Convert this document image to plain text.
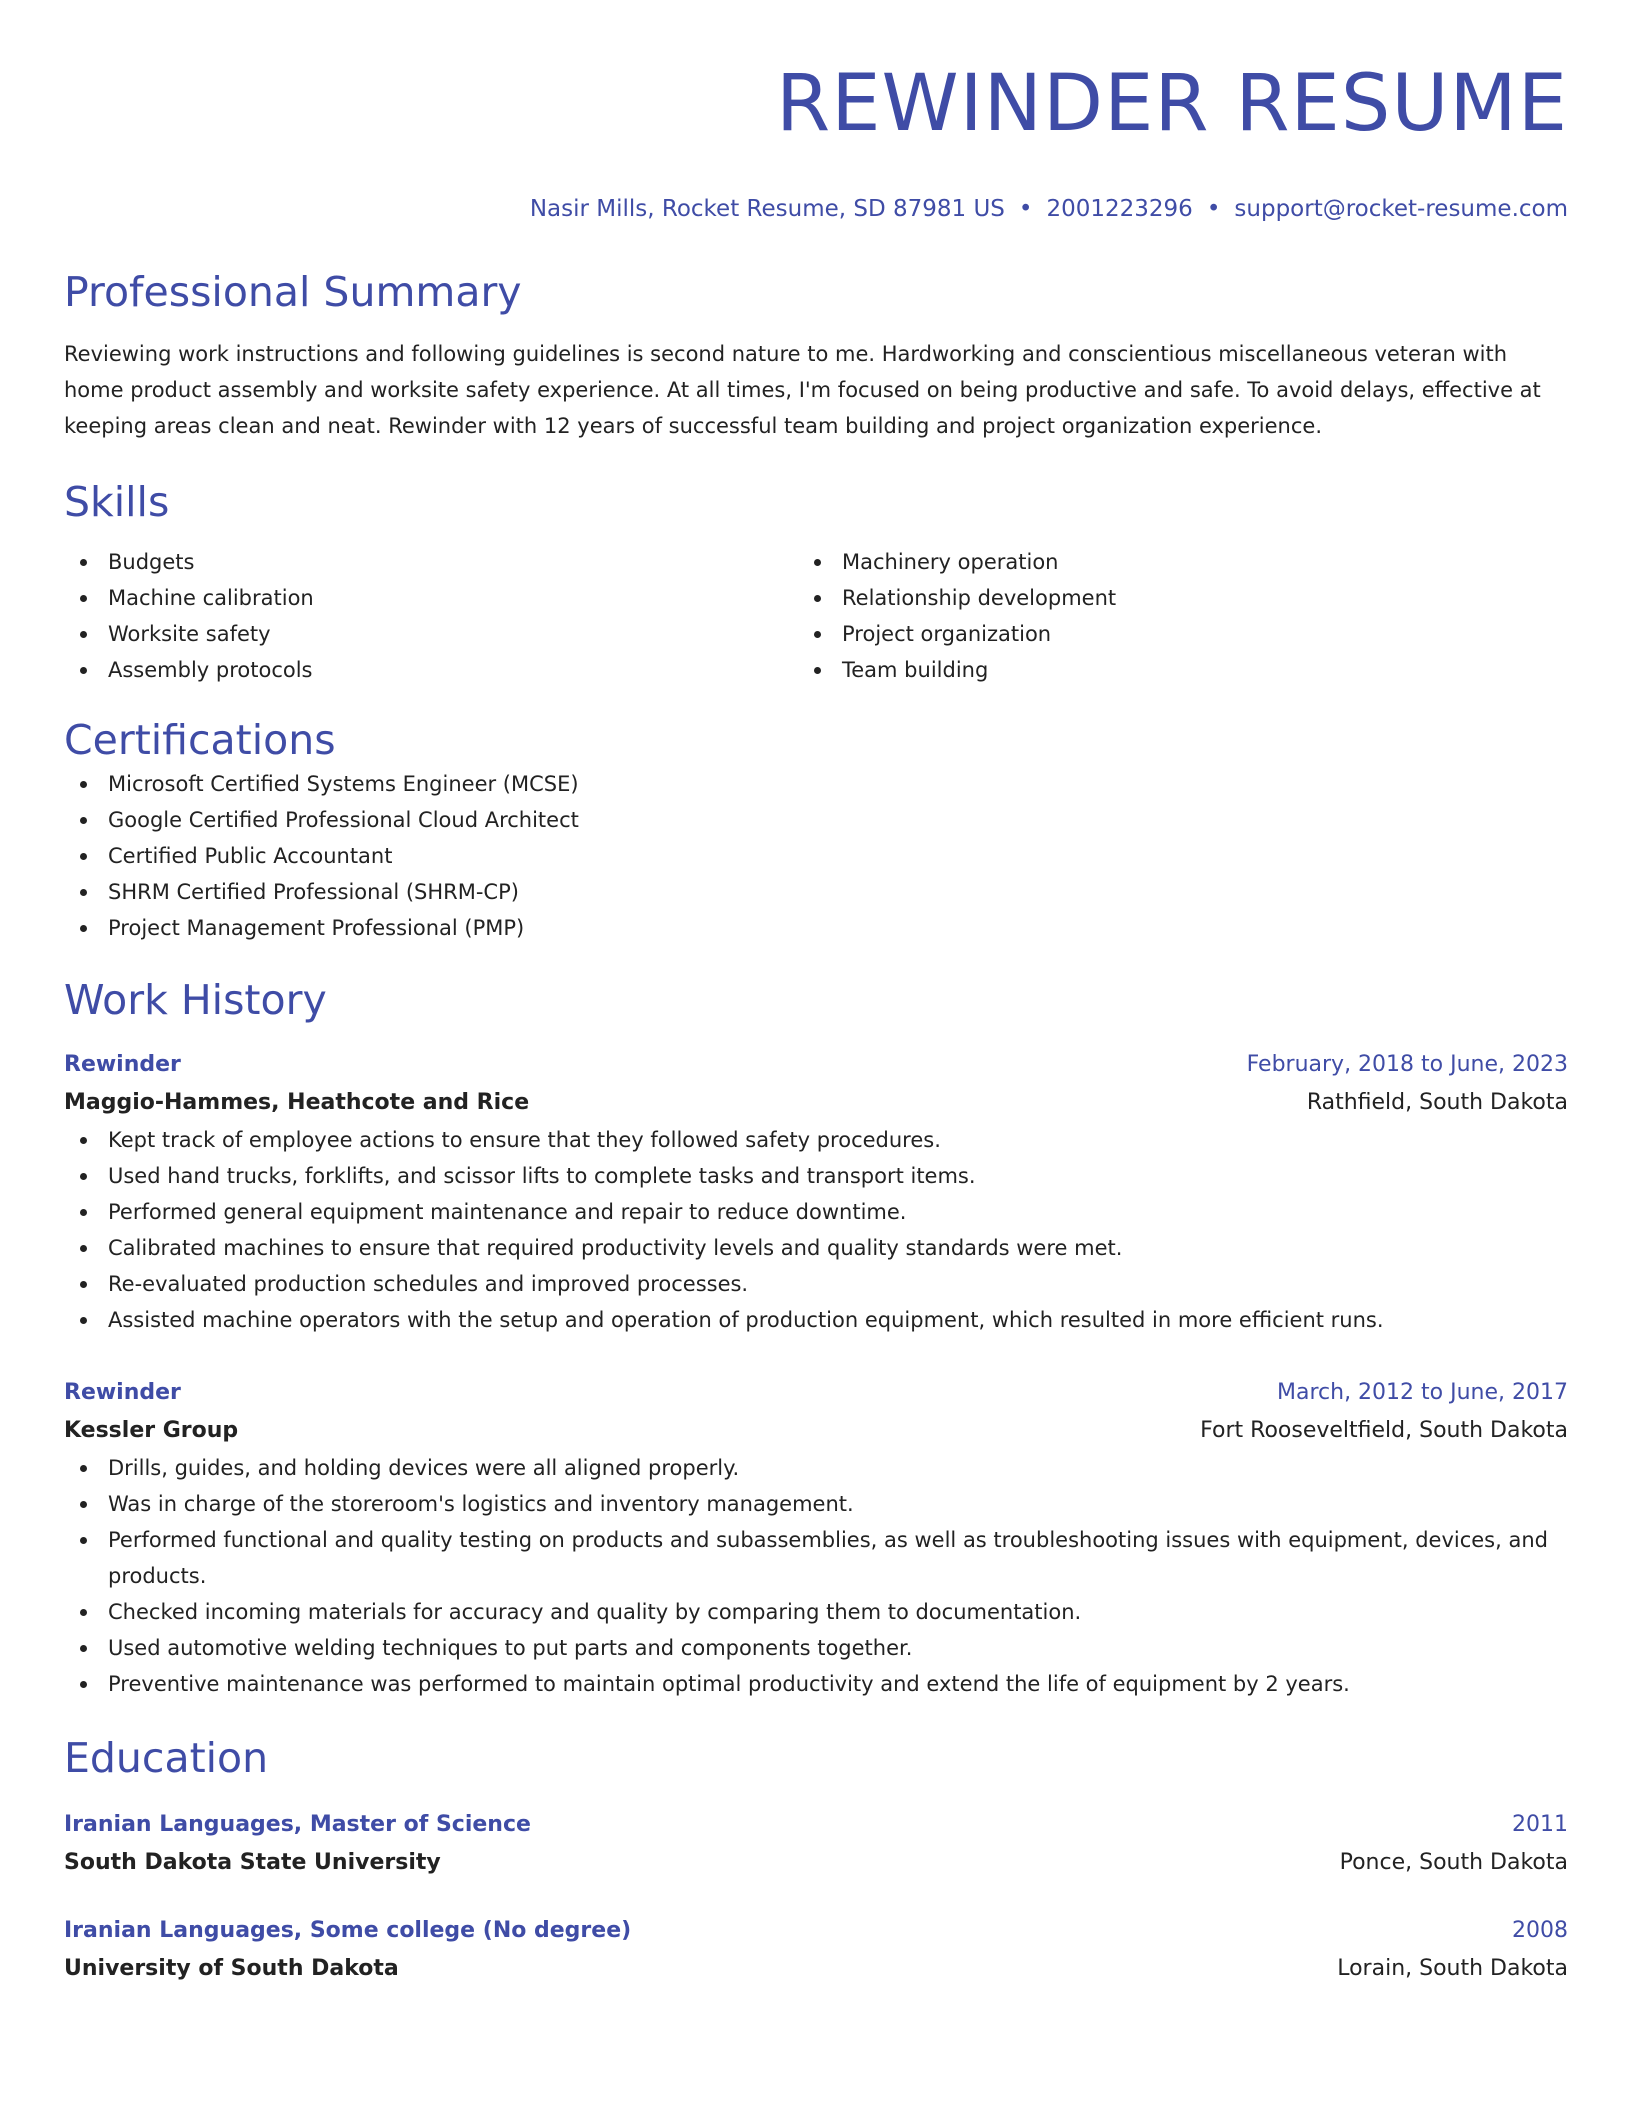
REWINDER RESUME
Nasir Mills, Rocket Resume, SD 87981 US • 2001223296 • support@rocket-resume.com
Professional Summary
Reviewing work instructions and following guidelines is second nature to me. Hardworking and conscientious miscellaneous veteran with home product assembly and worksite safety experience. At all times, I'm focused on being productive and safe. To avoid delays, effective at keeping areas clean and neat. Rewinder with 12 years of successful team building and project organization experience.
Skills
Budgets
Machine calibration
Worksite safety
Assembly protocols
Machinery operation
Relationship development
Project organization
Team building
Certifications
Microsoft Certified Systems Engineer (MCSE)
Google Certified Professional Cloud Architect
Certified Public Accountant
SHRM Certified Professional (SHRM-CP)
Project Management Professional (PMP)
Work History
Rewinder	February, 2018 to June, 2023
Maggio-Hammes, Heathcote and Rice	Rathfield, South Dakota
Kept track of employee actions to ensure that they followed safety procedures.
Used hand trucks, forklifts, and scissor lifts to complete tasks and transport items.
Performed general equipment maintenance and repair to reduce downtime.
Calibrated machines to ensure that required productivity levels and quality standards were met.
Re-evaluated production schedules and improved processes.
Assisted machine operators with the setup and operation of production equipment, which resulted in more efficient runs.
Rewinder	March, 2012 to June, 2017
Kessler Group	Fort Rooseveltfield, South Dakota
Drills, guides, and holding devices were all aligned properly.
Was in charge of the storeroom's logistics and inventory management.
Performed functional and quality testing on products and subassemblies, as well as troubleshooting issues with equipment, devices, and products.
Checked incoming materials for accuracy and quality by comparing them to documentation.
Used automotive welding techniques to put parts and components together.
Preventive maintenance was performed to maintain optimal productivity and extend the life of equipment by 2 years.
Education
Iranian Languages, Master of Science	2011
South Dakota State University	Ponce, South Dakota
Iranian Languages, Some college (No degree)	2008
University of South Dakota	Lorain, South Dakota
